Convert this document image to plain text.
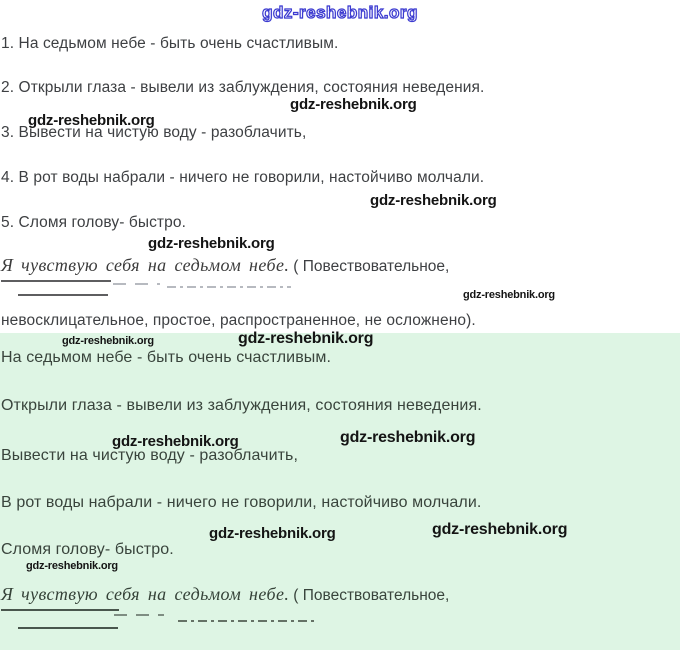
gdz-reshebnik.org
1. На седьмом небе - быть очень счастливым.
2. Открыли глаза - вывели из заблуждения, состояния неведения.
3. Вывести на чистую воду - разоблачить,
4. В рот воды набрали - ничего не говорили, настойчиво молчали.
5. Сломя голову- быстро.
gdz-reshebnik.org
gdz-reshebnik.org
gdz-reshebnik.org
gdz-reshebnik.org
gdz-reshebnik.org
Я чувствую себя на седьмом небе. ( Повествовательное,
невосклицательное, простое, распространенное, не осложнено).
gdz-reshebnik.org	gdz-reshebnik.org
На седьмом небе - быть очень счастливым.
Открыли глаза - вывели из заблуждения, состояния неведения.
Вывести на чистую воду - разоблачить,
В рот воды набрали - ничего не говорили, настойчиво молчали.
Сломя голову- быстро.
gdz-reshebnik.org	gdz-reshebnik.org
gdz-reshebnik.org	gdz-reshebnik.org
gdz-reshebnik.org
Я чувствую себя на седьмом небе. ( Повествовательное,
